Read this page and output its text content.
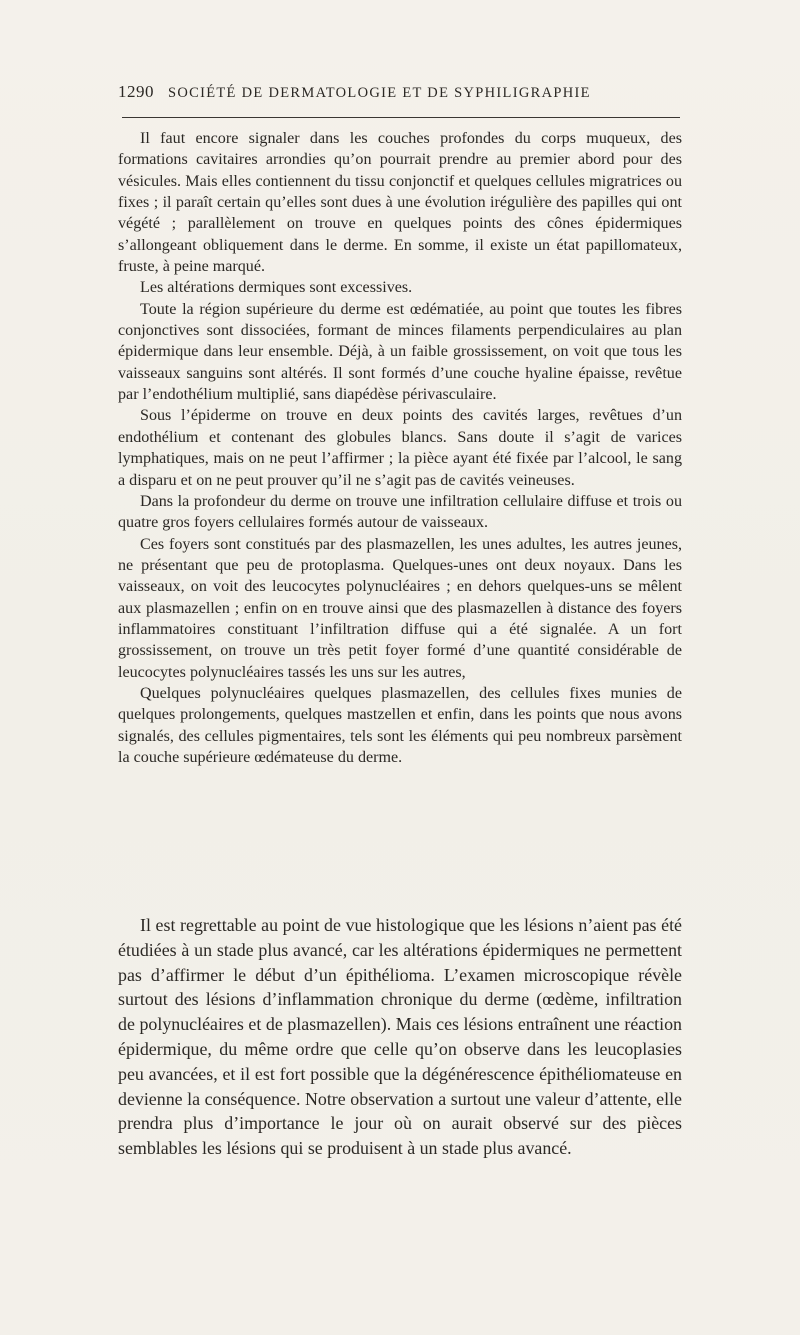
1290 SOCIÉTÉ DE DERMATOLOGIE ET DE SYPHILIGRAPHIE

Il faut encore signaler dans les couches profondes du corps muqueux, des formations cavitaires arrondies qu’on pourrait prendre au premier abord pour des vésicules. Mais elles contiennent du tissu conjonctif et quelques cellules migratrices ou fixes ; il paraît certain qu’elles sont dues à une évolution irégulière des papilles qui ont végété ; parallèlement on trouve en quelques points des cônes épidermiques s’allongeant obliquement dans le derme. En somme, il existe un état papillomateux, fruste, à peine marqué.

Les altérations dermiques sont excessives.

Toute la région supérieure du derme est œdématiée, au point que toutes les fibres conjonctives sont dissociées, formant de minces filaments perpendiculaires au plan épidermique dans leur ensemble. Déjà, à un faible grossissement, on voit que tous les vaisseaux sanguins sont altérés. Il sont formés d’une couche hyaline épaisse, revêtue par l’endothélium multiplié, sans diapédèse périvasculaire.

Sous l’épiderme on trouve en deux points des cavités larges, revêtues d’un endothélium et contenant des globules blancs. Sans doute il s’agit de varices lymphatiques, mais on ne peut l’affirmer ; la pièce ayant été fixée par l’alcool, le sang a disparu et on ne peut prouver qu’il ne s’agit pas de cavités veineuses.

Dans la profondeur du derme on trouve une infiltration cellulaire diffuse et trois ou quatre gros foyers cellulaires formés autour de vaisseaux.

Ces foyers sont constitués par des plasmazellen, les unes adultes, les autres jeunes, ne présentant que peu de protoplasma. Quelques-unes ont deux noyaux. Dans les vaisseaux, on voit des leucocytes polynucléaires ; en dehors quelques-uns se mêlent aux plasmazellen ; enfin on en trouve ainsi que des plasmazellen à distance des foyers inflammatoires constituant l’infiltration diffuse qui a été signalée. A un fort grossissement, on trouve un très petit foyer formé d’une quantité considérable de leucocytes polynucléaires tassés les uns sur les autres,

Quelques polynucléaires quelques plasmazellen, des cellules fixes munies de quelques prolongements, quelques mastzellen et enfin, dans les points que nous avons signalés, des cellules pigmentaires, tels sont les éléments qui peu nombreux parsèment la couche supérieure œdémateuse du derme.

Il est regrettable au point de vue histologique que les lésions n’aient pas été étudiées à un stade plus avancé, car les altérations épidermiques ne permettent pas d’affirmer le début d’un épithélioma. L’examen microscopique révèle surtout des lésions d’inflammation chronique du derme (œdème, infiltration de polynucléaires et de plasmazellen). Mais ces lésions entraînent une réaction épidermique, du même ordre que celle qu’on observe dans les leucoplasies peu avancées, et il est fort possible que la dégénérescence épithéliomateuse en devienne la conséquence. Notre observation a surtout une valeur d’attente, elle prendra plus d’importance le jour où on aurait observé sur des pièces semblables les lésions qui se produisent à un stade plus avancé.
